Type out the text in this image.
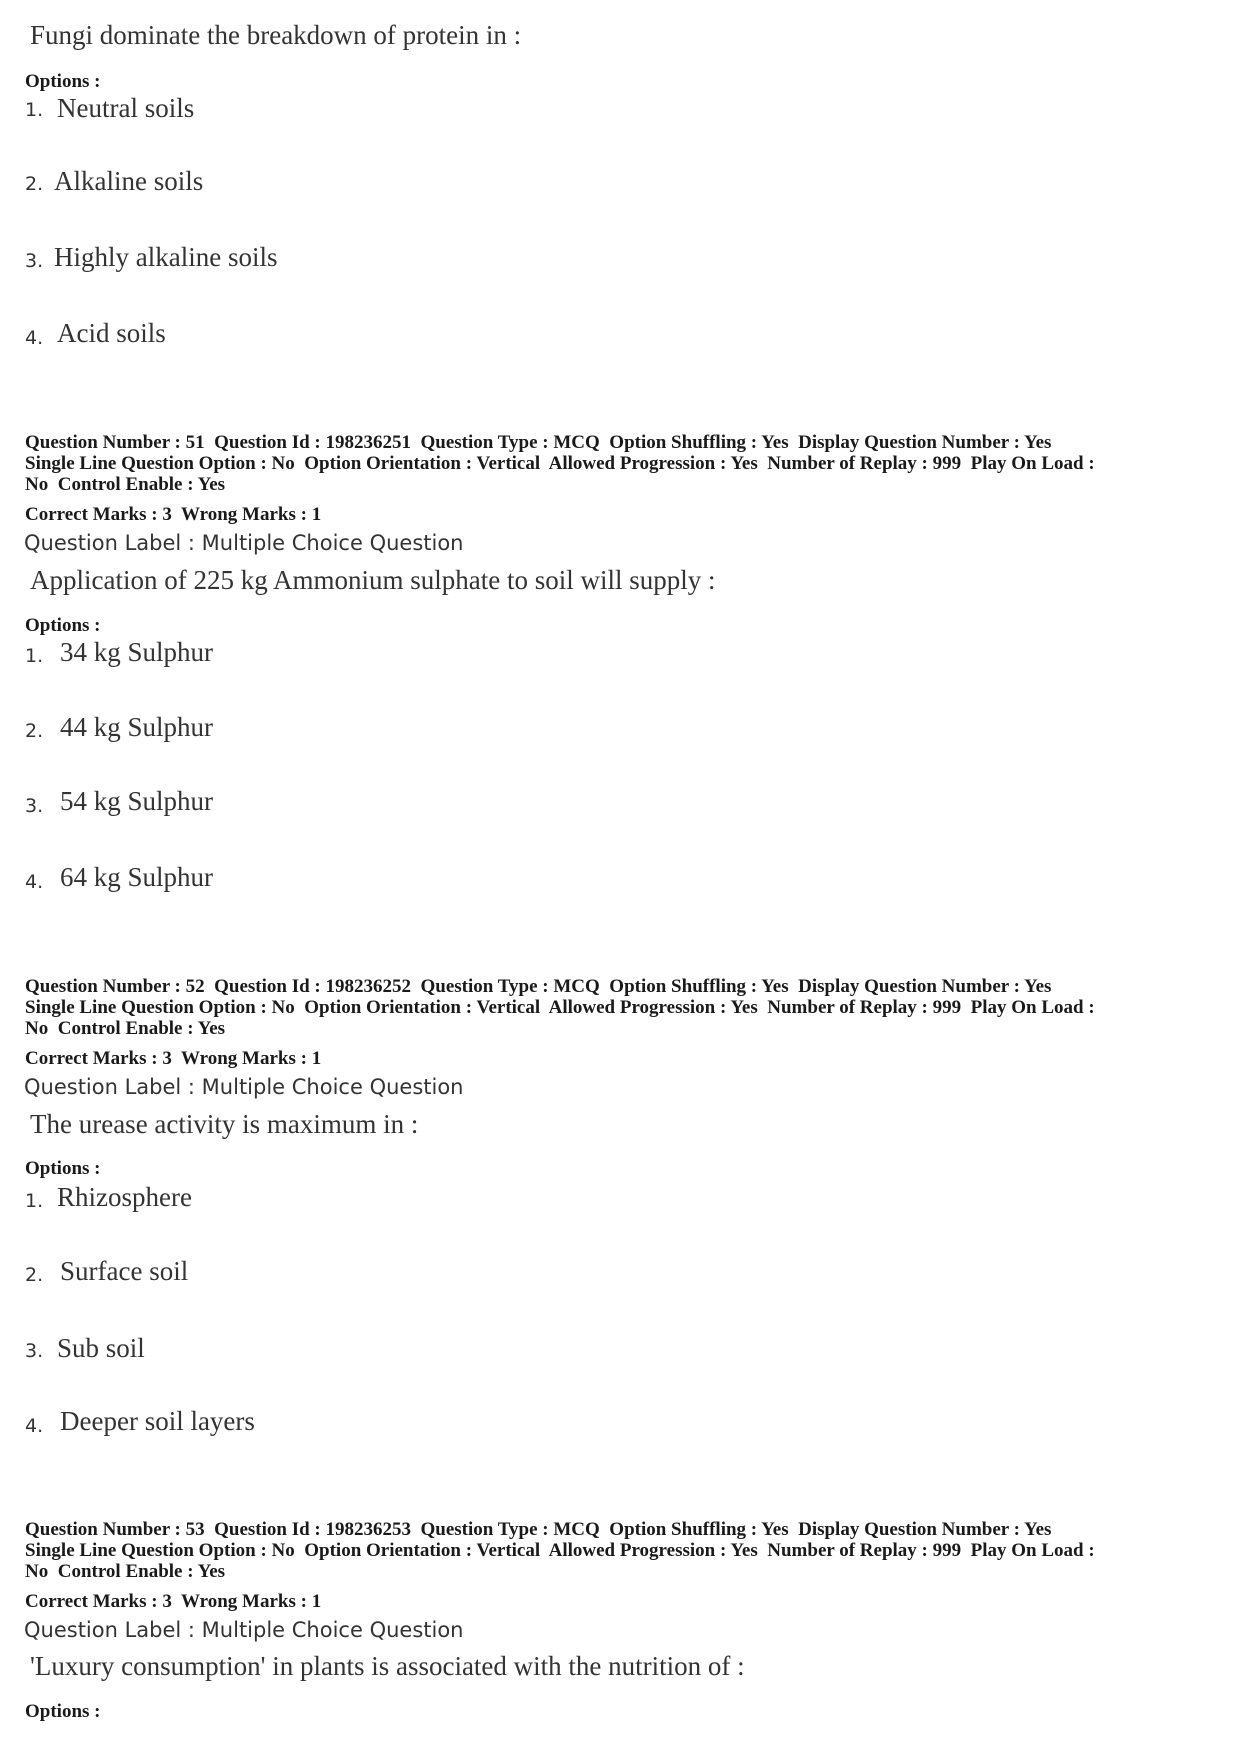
Fungi dominate the breakdown of protein in :
Options :
1. Neutral soils
2. Alkaline soils
3. Highly alkaline soils
4. Acid soils
Question Number : 51  Question Id : 198236251  Question Type : MCQ  Option Shuffling : Yes  Display Question Number : Yes
Single Line Question Option : No  Option Orientation : Vertical  Allowed Progression : Yes  Number of Replay : 999  Play On Load :
No  Control Enable : Yes
Correct Marks : 3  Wrong Marks : 1
Question Label : Multiple Choice Question
Application of 225 kg Ammonium sulphate to soil will supply :
Options :
1. 34 kg Sulphur
2. 44 kg Sulphur
3. 54 kg Sulphur
4. 64 kg Sulphur
Question Number : 52  Question Id : 198236252  Question Type : MCQ  Option Shuffling : Yes  Display Question Number : Yes
Single Line Question Option : No  Option Orientation : Vertical  Allowed Progression : Yes  Number of Replay : 999  Play On Load :
No  Control Enable : Yes
Correct Marks : 3  Wrong Marks : 1
Question Label : Multiple Choice Question
The urease activity is maximum in :
Options :
1. Rhizosphere
2. Surface soil
3. Sub soil
4. Deeper soil layers
Question Number : 53  Question Id : 198236253  Question Type : MCQ  Option Shuffling : Yes  Display Question Number : Yes
Single Line Question Option : No  Option Orientation : Vertical  Allowed Progression : Yes  Number of Replay : 999  Play On Load :
No  Control Enable : Yes
Correct Marks : 3  Wrong Marks : 1
Question Label : Multiple Choice Question
'Luxury consumption' in plants is associated with the nutrition of :
Options :
